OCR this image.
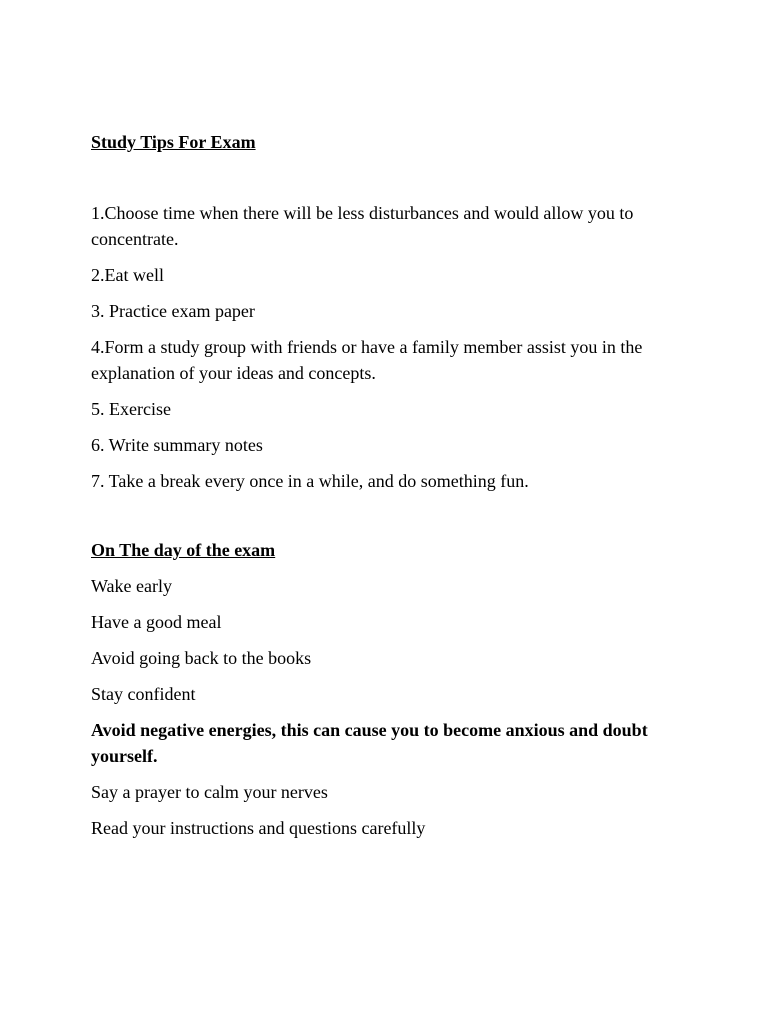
Study Tips For Exam

1.Choose time when there will be less disturbances and would allow you to concentrate.

2.Eat well

3. Practice exam paper

4.Form a study group with friends or have a family member assist you in the explanation of your ideas and concepts.

5. Exercise

6. Write summary notes

7. Take a break every once in a while, and do something fun.

On The day of the exam

Wake early

Have a good meal

Avoid going back to the books

Stay confident

Avoid negative energies, this can cause you to become anxious and doubt yourself.

Say a prayer to calm your nerves

Read your instructions and questions carefully
